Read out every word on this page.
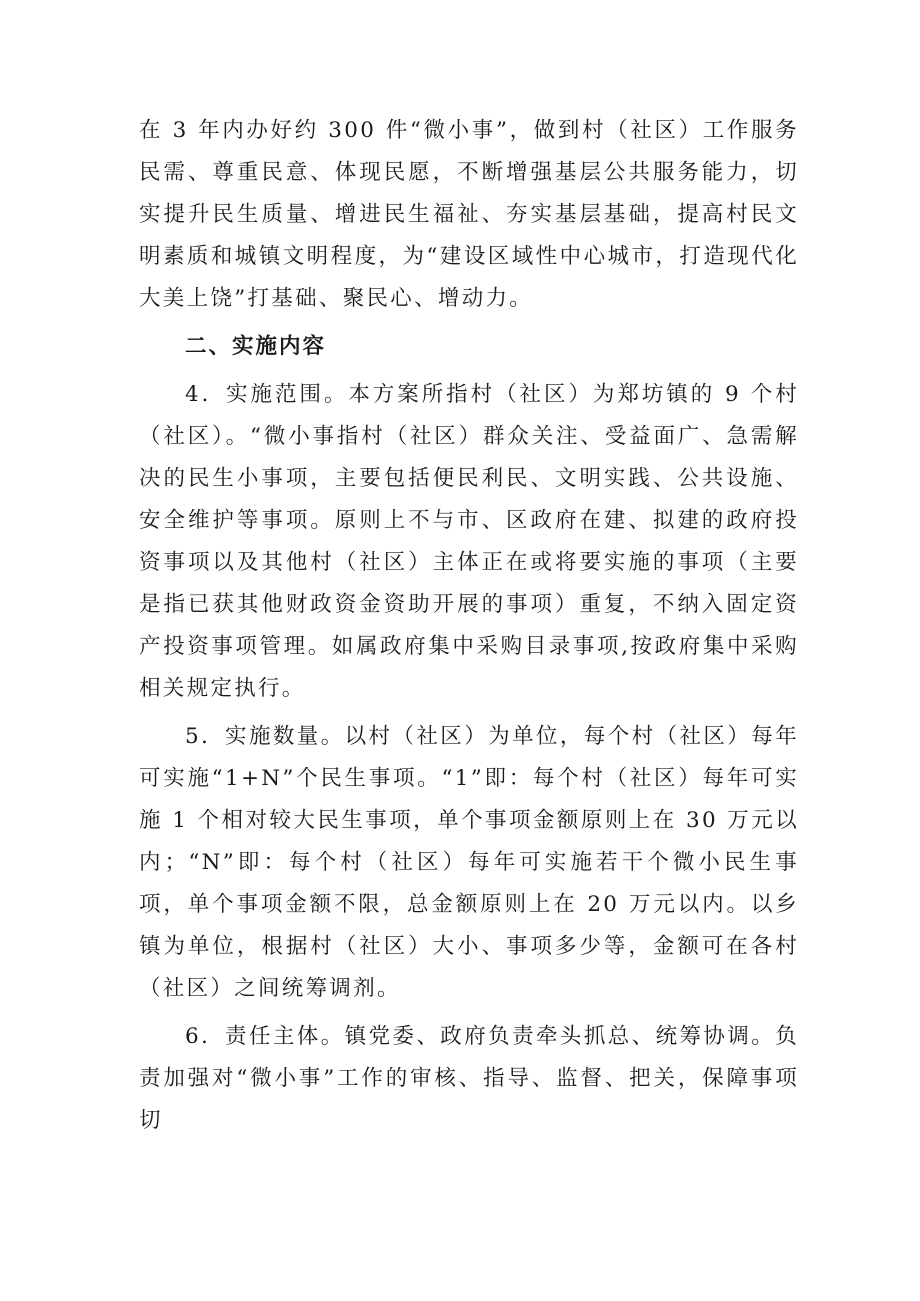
在 3 年内办好约 300 件“微小事”，做到村（社区）工作服务民需、尊重民意、体现民愿，不断增强基层公共服务能力，切实提升民生质量、增进民生福祉、夯实基层基础，提高村民文明素质和城镇文明程度，为“建设区域性中心城市，打造现代化大美上饶”打基础、聚民心、增动力。

二、实施内容

4．实施范围。本方案所指村（社区）为郑坊镇的 9 个村（社区）。“微小事指村（社区）群众关注、受益面广、急需解决的民生小事项，主要包括便民利民、文明实践、公共设施、安全维护等事项。原则上不与市、区政府在建、拟建的政府投资事项以及其他村（社区）主体正在或将要实施的事项（主要是指已获其他财政资金资助开展的事项）重复，不纳入固定资产投资事项管理。如属政府集中采购目录事项,按政府集中采购相关规定执行。

5．实施数量。以村（社区）为单位，每个村（社区）每年可实施“1+N”个民生事项。“1”即：每个村（社区）每年可实施 1 个相对较大民生事项，单个事项金额原则上在 30 万元以内；“N”即：每个村（社区）每年可实施若干个微小民生事项，单个事项金额不限，总金额原则上在 20 万元以内。以乡镇为单位，根据村（社区）大小、事项多少等，金额可在各村（社区）之间统筹调剂。

6．责任主体。镇党委、政府负责牵头抓总、统筹协调。负责加强对“微小事”工作的审核、指导、监督、把关，保障事项切
